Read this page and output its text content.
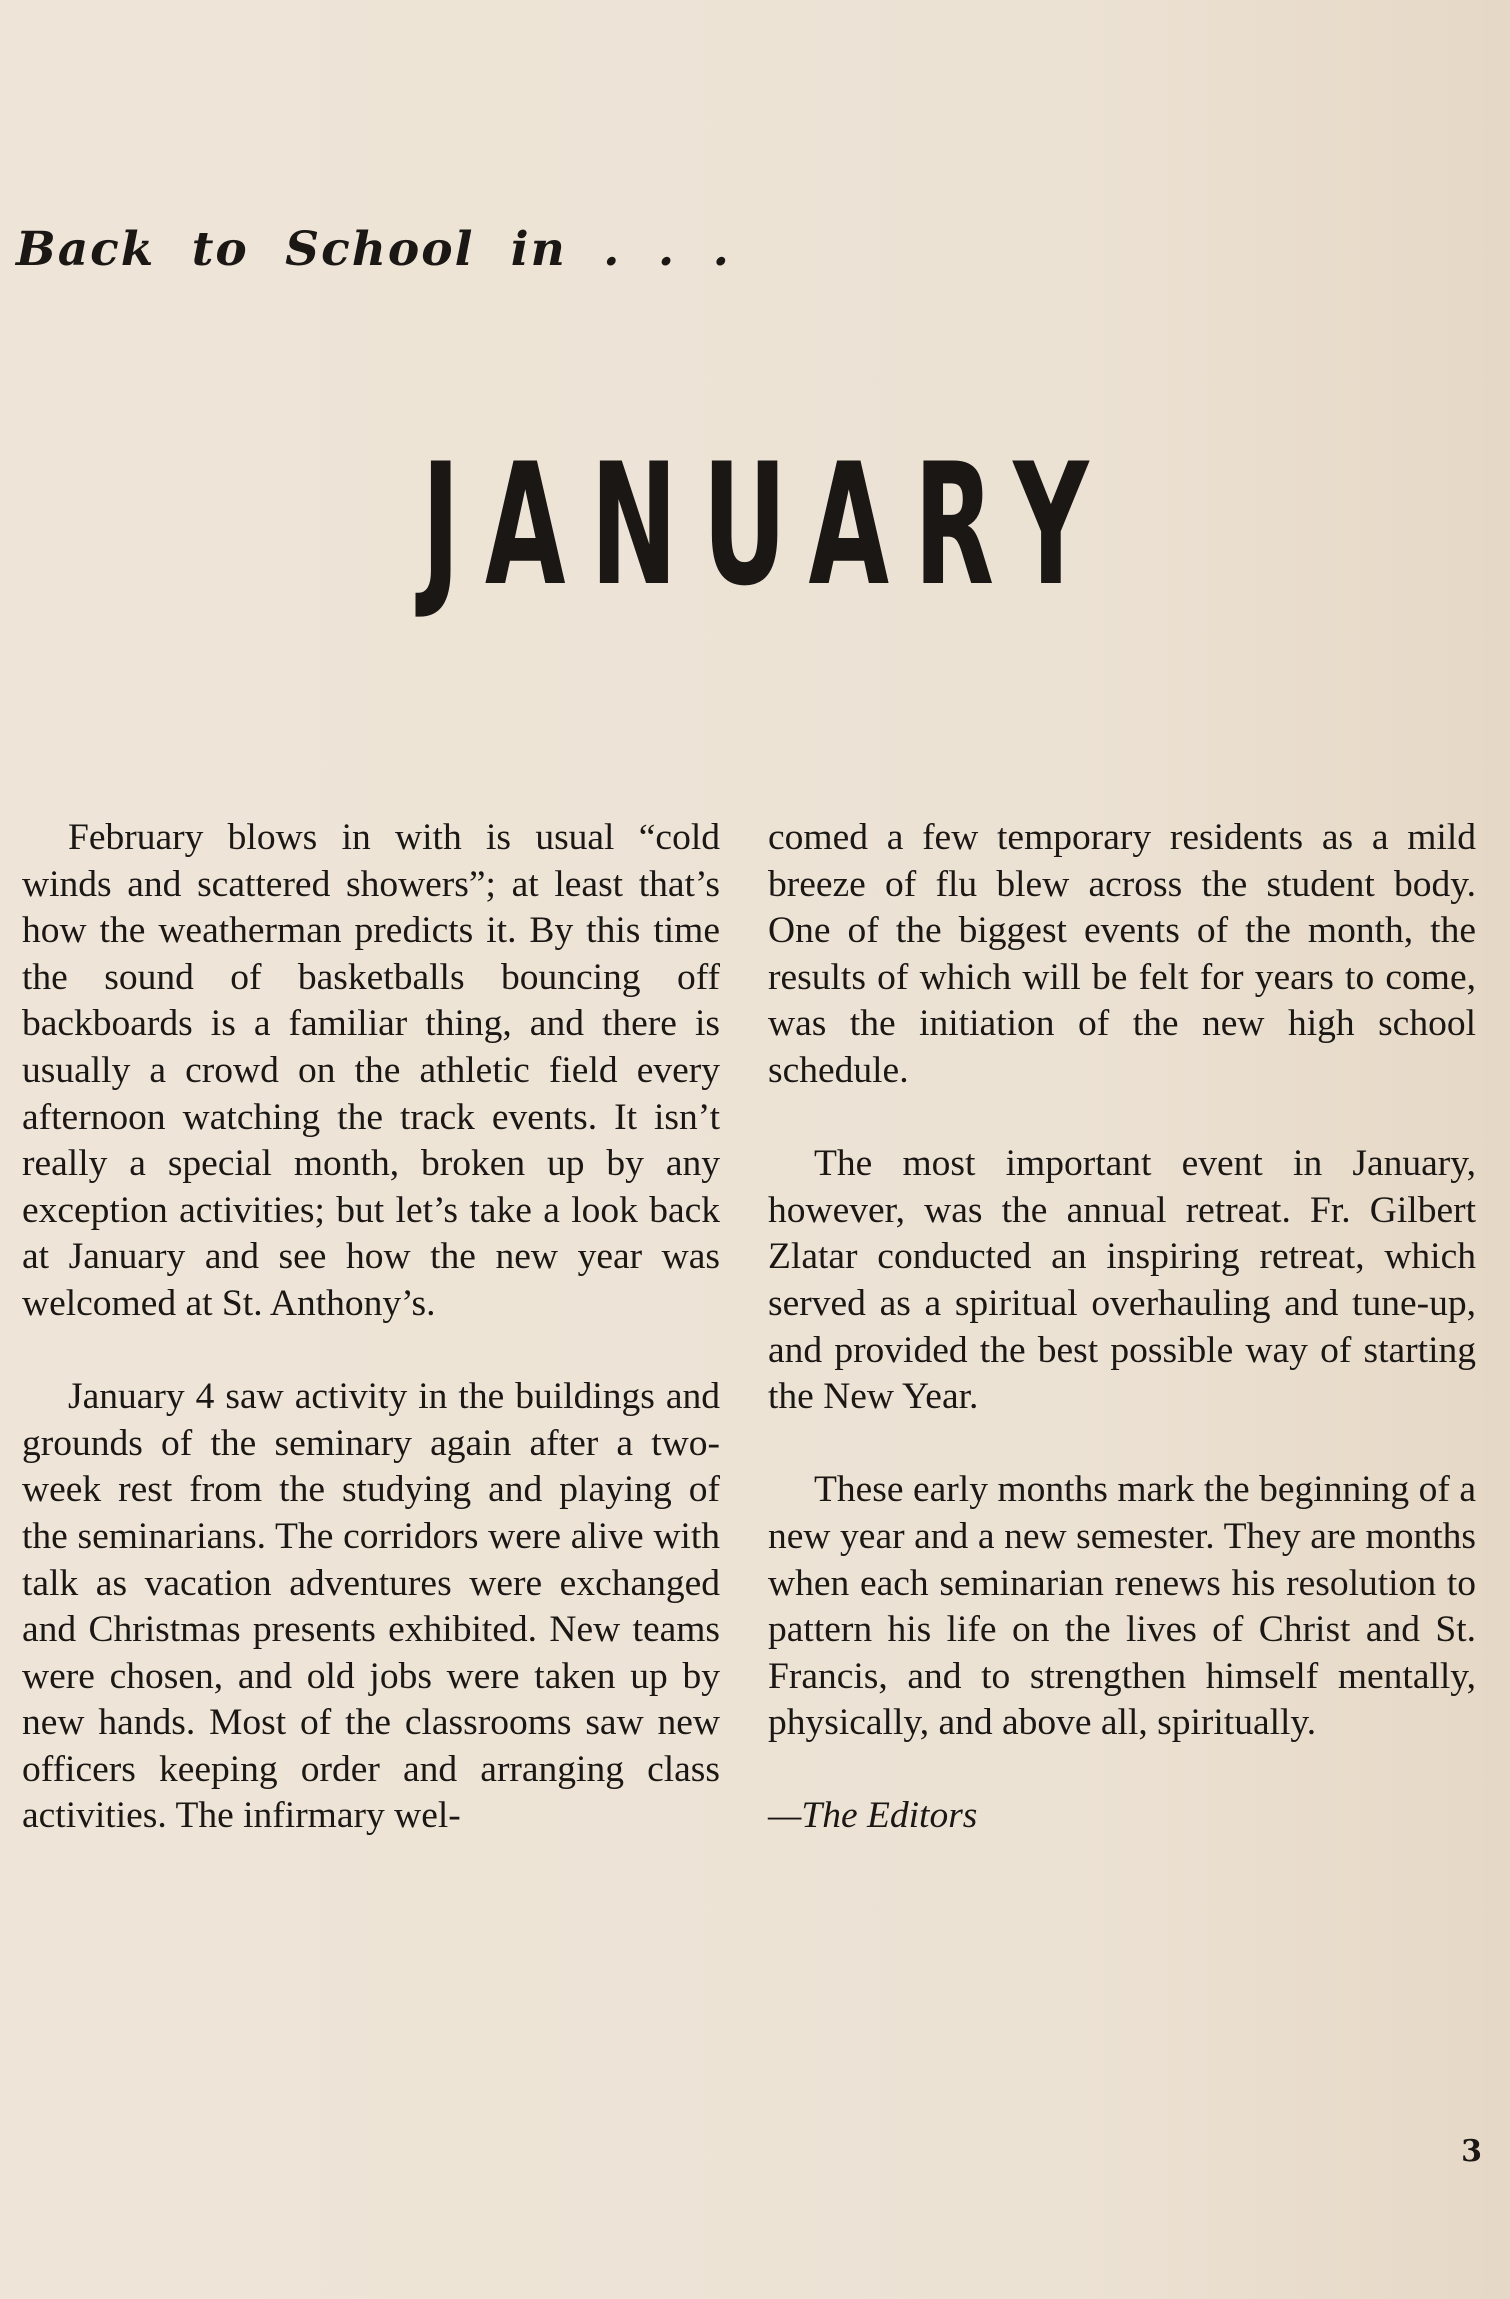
Back to School in . . .
JANUARY

February blows in with is usual “cold winds and scattered showers”; at least that’s how the weatherman predicts it. By this time the sound of basketballs bouncing off backboards is a familiar thing, and there is usually a crowd on the athletic field every afternoon watching the track events. It isn’t really a special month, broken up by any exception activities; but let’s take a look back at January and see how the new year was welcomed at St. Anthony’s.

January 4 saw activity in the buildings and grounds of the seminary again after a two-week rest from the studying and playing of the seminarians. The corridors were alive with talk as vacation adventures were exchanged and Christmas presents exhibited. New teams were chosen, and old jobs were taken up by new hands. Most of the classrooms saw new officers keeping order and arranging class activities. The infirmary wel-

comed a few temporary residents as a mild breeze of flu blew across the student body. One of the biggest events of the month, the results of which will be felt for years to come, was the initiation of the new high school schedule.

The most important event in January, however, was the annual retreat. Fr. Gilbert Zlatar conducted an inspiring retreat, which served as a spiritual overhauling and tune-up, and provided the best possible way of starting the New Year.

These early months mark the beginning of a new year and a new semester. They are months when each seminarian renews his resolution to pattern his life on the lives of Christ and St. Francis, and to strengthen himself mentally, physically, and above all, spiritually.

—The Editors

3
